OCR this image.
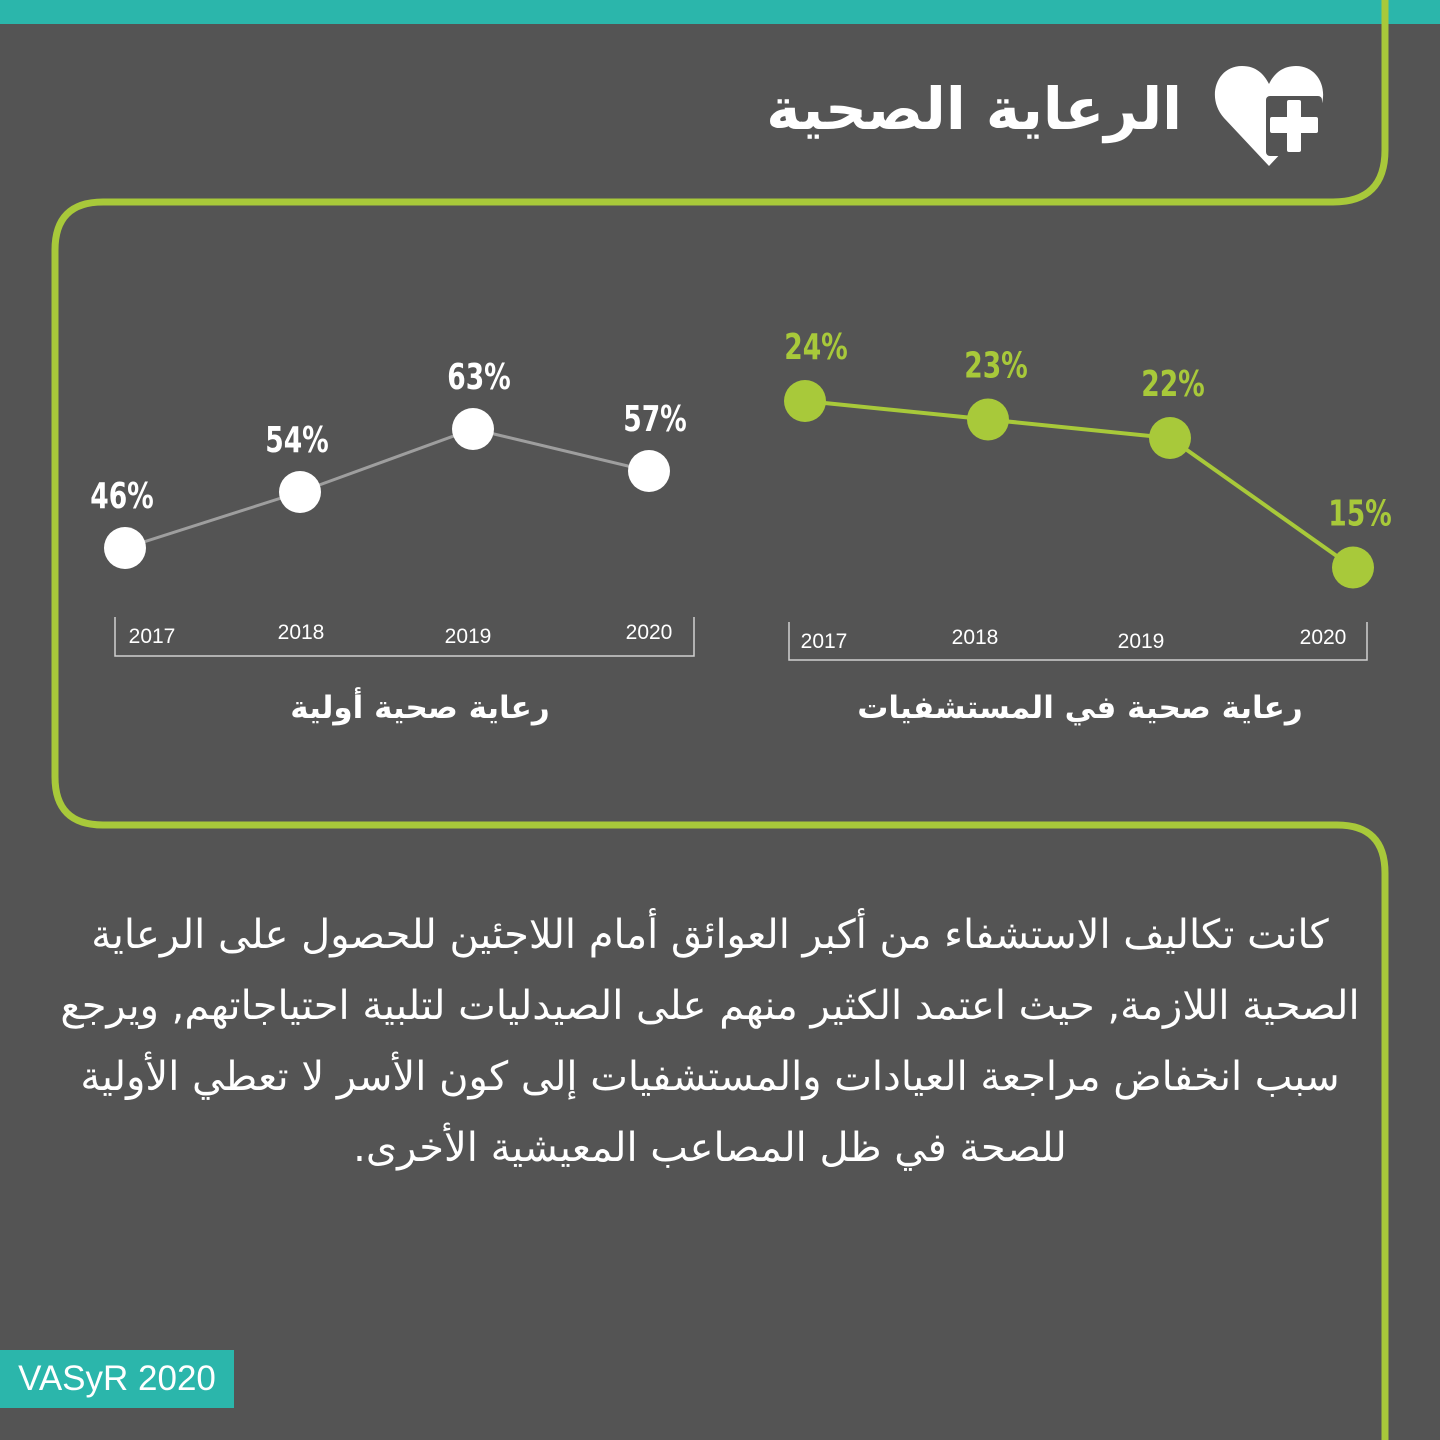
الرعاية الصحية
46%
54%
63%
57%
2017	2018	2019	2020
24%	23%	22%
15%
2017	2018	2019	2020
رعاية صحية أولية	رعاية صحية في المستشفيات
كانت تكاليف الاستشفاء من أكبر العوائق أمام اللاجئين للحصول على الرعاية الصحية اللازمة, حيث اعتمد الكثير منهم على الصيدليات لتلبية احتياجاتهم, ويرجع سبب انخفاض مراجعة العيادات والمستشفيات إلى كون الأسر لا تعطي الأولية للصحة في ظل المصاعب المعيشية الأخرى.
VASyR 2020
